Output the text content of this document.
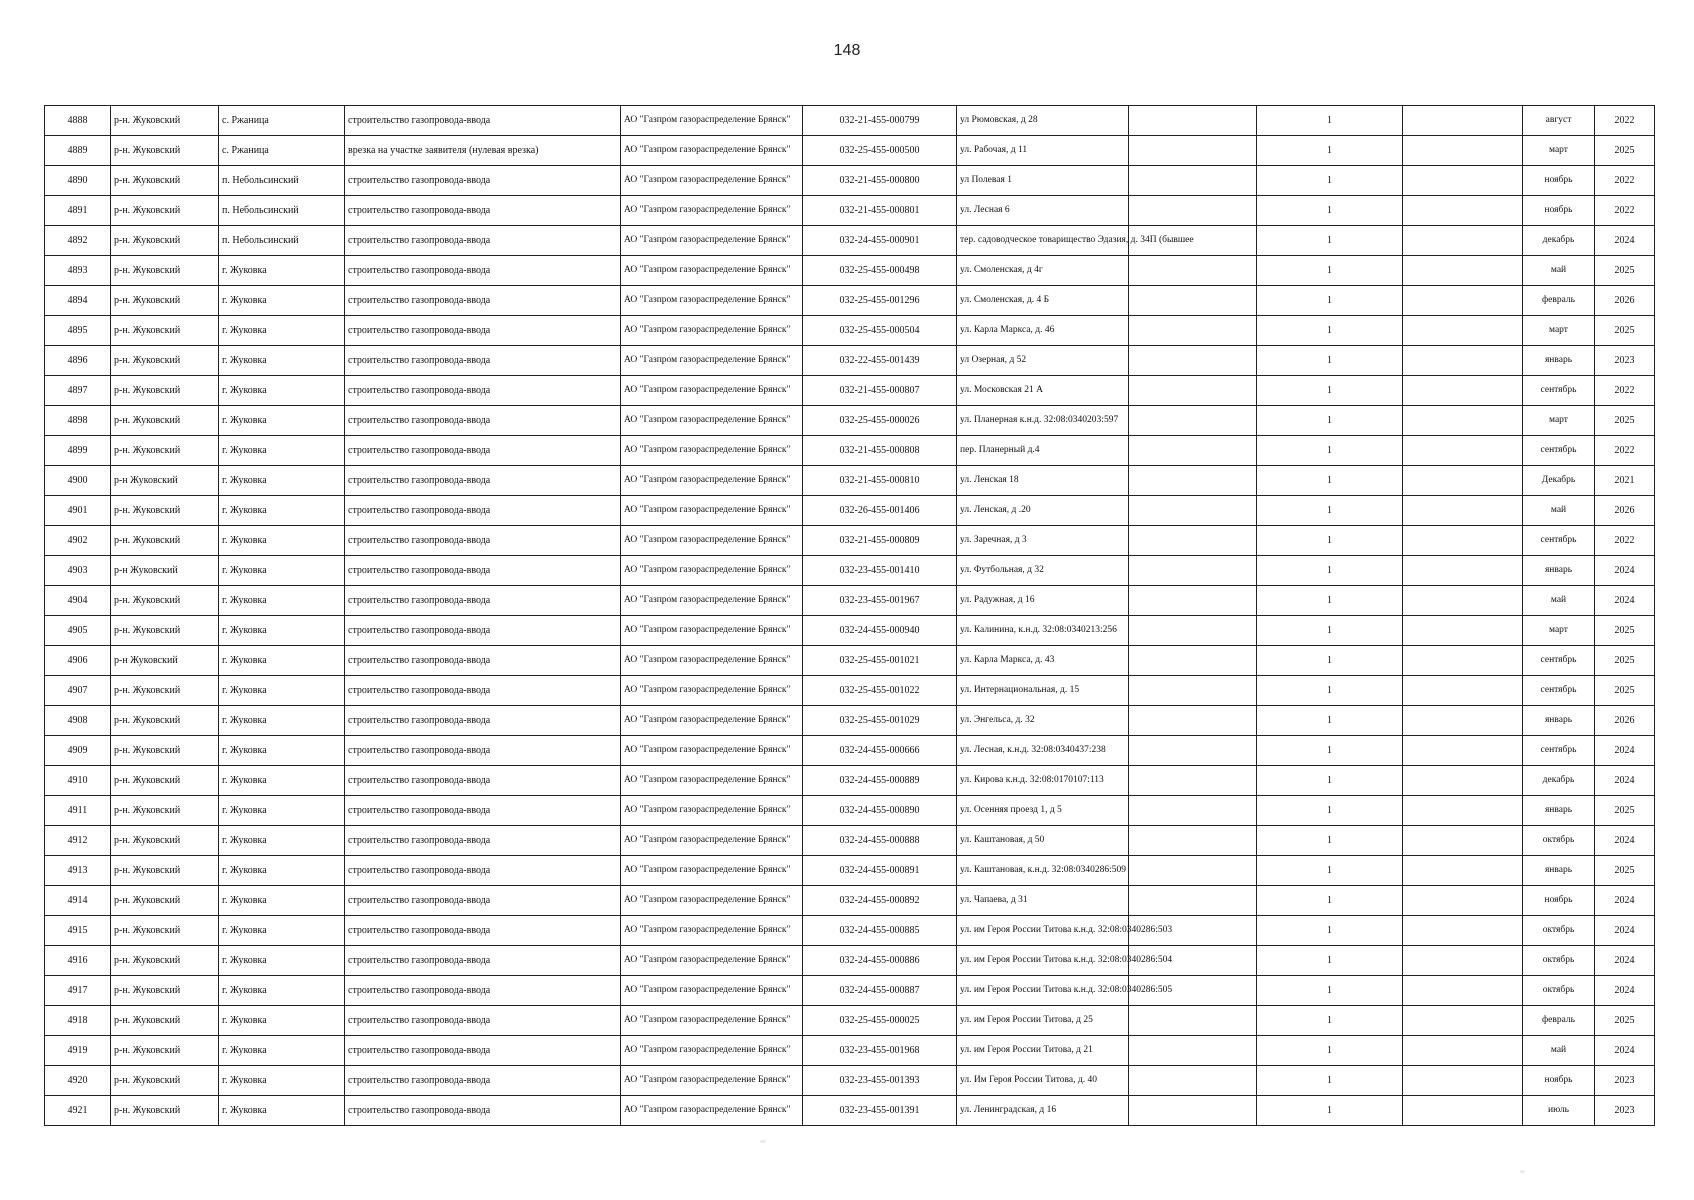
148
4888	р-н. Жуковский	с. Ржаница	строительство газопровода-ввода	АО "Газпром газораспределение Брянск"	032-21-455-000799	ул Рюмовская, д 28		1		август	2022
4889	р-н. Жуковский	с. Ржаница	врезка на участке заявителя (нулевая врезка)	АО "Газпром газораспределение Брянск"	032-25-455-000500	ул. Рабочая, д 11		1		март	2025
4890	р-н. Жуковский	п. Небольсинский	строительство газопровода-ввода	АО "Газпром газораспределение Брянск"	032-21-455-000800	ул Полевая 1		1		ноябрь	2022
4891	р-н. Жуковский	п. Небольсинский	строительство газопровода-ввода	АО "Газпром газораспределение Брянск"	032-21-455-000801	ул. Лесная 6		1		ноябрь	2022
4892	р-н. Жуковский	п. Небольсинский	строительство газопровода-ввода	АО "Газпром газораспределение Брянск"	032-24-455-000901	тер. садоводческое товарищество Эдазия, д. 34П (бывшее		1		декабрь	2024
4893	р-н. Жуковский	г. Жуковка	строительство газопровода-ввода	АО "Газпром газораспределение Брянск"	032-25-455-000498	ул. Смоленская, д 4г		1		май	2025
4894	р-н. Жуковский	г. Жуковка	строительство газопровода-ввода	АО "Газпром газораспределение Брянск"	032-25-455-001296	ул. Смоленская, д. 4 Б		1		февраль	2026
4895	р-н. Жуковский	г. Жуковка	строительство газопровода-ввода	АО "Газпром газораспределение Брянск"	032-25-455-000504	ул. Карла Маркса, д. 46		1		март	2025
4896	р-н. Жуковский	г. Жуковка	строительство газопровода-ввода	АО "Газпром газораспределение Брянск"	032-22-455-001439	ул Озерная, д 52		1		январь	2023
4897	р-н. Жуковский	г. Жуковка	строительство газопровода-ввода	АО "Газпром газораспределение Брянск"	032-21-455-000807	ул. Московская 21 А		1		сентябрь	2022
4898	р-н. Жуковский	г. Жуковка	строительство газопровода-ввода	АО "Газпром газораспределение Брянск"	032-25-455-000026	ул. Планерная к.н.д. 32:08:0340203:597		1		март	2025
4899	р-н. Жуковский	г. Жуковка	строительство газопровода-ввода	АО "Газпром газораспределение Брянск"	032-21-455-000808	пер. Планерный д.4		1		сентябрь	2022
4900	р-н Жуковский	г. Жуковка	строительство газопровода-ввода	АО "Газпром газораспределение Брянск"	032-21-455-000810	ул. Ленская 18		1		Декабрь	2021
4901	р-н. Жуковский	г. Жуковка	строительство газопровода-ввода	АО "Газпром газораспределение Брянск"	032-26-455-001406	ул. Ленская, д .20		1		май	2026
4902	р-н. Жуковский	г. Жуковка	строительство газопровода-ввода	АО "Газпром газораспределение Брянск"	032-21-455-000809	ул. Заречная, д 3		1		сентябрь	2022
4903	р-н Жуковский	г. Жуковка	строительство газопровода-ввода	АО "Газпром газораспределение Брянск"	032-23-455-001410	ул. Футбольная, д 32		1		январь	2024
4904	р-н. Жуковский	г. Жуковка	строительство газопровода-ввода	АО "Газпром газораспределение Брянск"	032-23-455-001967	ул. Радужная, д 16		1		май	2024
4905	р-н. Жуковский	г. Жуковка	строительство газопровода-ввода	АО "Газпром газораспределение Брянск"	032-24-455-000940	ул. Калинина, к.н.д. 32:08:0340213:256		1		март	2025
4906	р-н Жуковский	г. Жуковка	строительство газопровода-ввода	АО "Газпром газораспределение Брянск"	032-25-455-001021	ул. Карла Маркса, д. 43		1		сентябрь	2025
4907	р-н. Жуковский	г. Жуковка	строительство газопровода-ввода	АО "Газпром газораспределение Брянск"	032-25-455-001022	ул. Интернациональная, д. 15		1		сентябрь	2025
4908	р-н. Жуковский	г. Жуковка	строительство газопровода-ввода	АО "Газпром газораспределение Брянск"	032-25-455-001029	ул. Энгельса, д. 32		1		январь	2026
4909	р-н. Жуковский	г. Жуковка	строительство газопровода-ввода	АО "Газпром газораспределение Брянск"	032-24-455-000666	ул. Лесная, к.н.д. 32:08:0340437:238		1		сентябрь	2024
4910	р-н. Жуковский	г. Жуковка	строительство газопровода-ввода	АО "Газпром газораспределение Брянск"	032-24-455-000889	ул. Кирова к.н.д. 32:08:0170107:113		1		декабрь	2024
4911	р-н. Жуковский	г. Жуковка	строительство газопровода-ввода	АО "Газпром газораспределение Брянск"	032-24-455-000890	ул. Осенняя проезд 1, д 5		1		январь	2025
4912	р-н. Жуковский	г. Жуковка	строительство газопровода-ввода	АО "Газпром газораспределение Брянск"	032-24-455-000888	ул. Каштановая, д 50		1		октябрь	2024
4913	р-н. Жуковский	г. Жуковка	строительство газопровода-ввода	АО "Газпром газораспределение Брянск"	032-24-455-000891	ул. Каштановая, к.н.д. 32:08:0340286:509		1		январь	2025
4914	р-н. Жуковский	г. Жуковка	строительство газопровода-ввода	АО "Газпром газораспределение Брянск"	032-24-455-000892	ул. Чапаева, д 31		1		ноябрь	2024
4915	р-н. Жуковский	г. Жуковка	строительство газопровода-ввода	АО "Газпром газораспределение Брянск"	032-24-455-000885	ул. им Героя России Титова к.н.д. 32:08:0340286:503		1		октябрь	2024
4916	р-н. Жуковский	г. Жуковка	строительство газопровода-ввода	АО "Газпром газораспределение Брянск"	032-24-455-000886	ул. им Героя России Титова к.н.д. 32:08:0340286:504		1		октябрь	2024
4917	р-н. Жуковский	г. Жуковка	строительство газопровода-ввода	АО "Газпром газораспределение Брянск"	032-24-455-000887	ул. им Героя России Титова к.н.д. 32:08:0340286:505		1		октябрь	2024
4918	р-н. Жуковский	г. Жуковка	строительство газопровода-ввода	АО "Газпром газораспределение Брянск"	032-25-455-000025	ул. им Героя России Титова, д 25		1		февраль	2025
4919	р-н. Жуковский	г. Жуковка	строительство газопровода-ввода	АО "Газпром газораспределение Брянск"	032-23-455-001968	ул. им Героя России Титова, д 21		1		май	2024
4920	р-н. Жуковский	г. Жуковка	строительство газопровода-ввода	АО "Газпром газораспределение Брянск"	032-23-455-001393	ул. Им Героя России Титова, д. 40		1		ноябрь	2023
4921	р-н. Жуковский	г. Жуковка	строительство газопровода-ввода	АО "Газпром газораспределение Брянск"	032-23-455-001391	ул. Ленинградская, д 16		1		июль	2023
